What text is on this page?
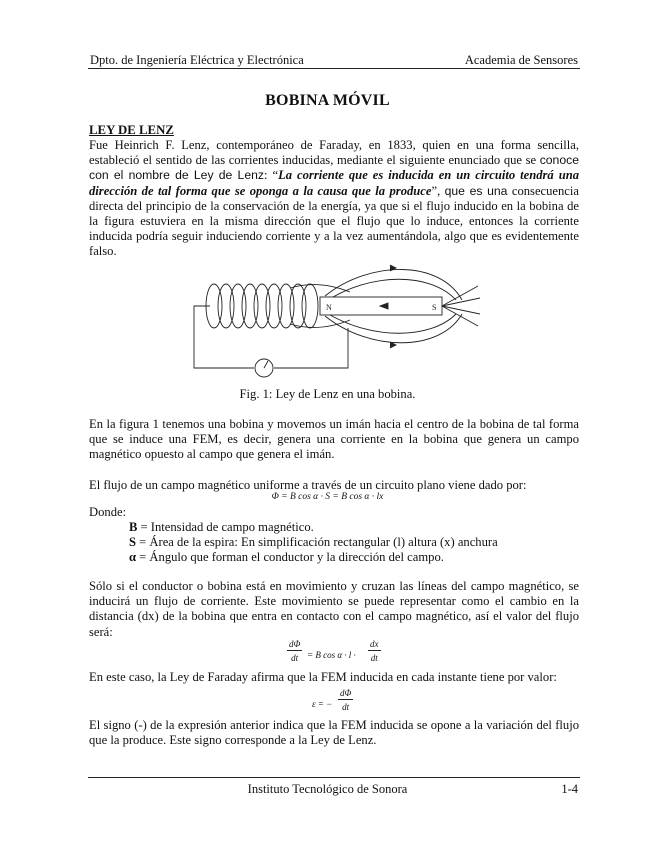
Dpto. de Ingeniería Eléctrica y Electrónica	Academia de Sensores
BOBINA MÓVIL
LEY DE LENZ
Fue Heinrich F. Lenz, contemporáneo de Faraday, en 1833, quien en una forma sencilla, estableció el sentido de las corrientes inducidas, mediante el siguiente enunciado que se conoce con el nombre de Ley de Lenz: “La corriente que es inducida en un circuito tendrá una dirección de tal forma que se oponga a la causa que la produce”, que es una consecuencia directa del principio de la conservación de la energía, ya que si el flujo inducido en la bobina de la figura estuviera en la misma dirección que el flujo que lo induce, entonces la corriente inducida podría seguir induciendo corriente y a la vez aumentándola, algo que es evidentemente falso.
N	S
Fig. 1: Ley de Lenz en una bobina.
En la figura 1 tenemos una bobina y movemos un imán hacia el centro de la bobina de tal forma que se induce una FEM, es decir, genera una corriente en la bobina que genera un campo magnético opuesto al campo que genera el imán.
El flujo de un campo magnético uniforme a través de un circuito plano viene dado por:
Φ = B cos α · S = B cos α · lx
Donde:
B = Intensidad de campo magnético.
S = Área de la espira: En simplificación rectangular (l) altura (x) anchura
α = Ángulo que forman el conductor y la dirección del campo.
Sólo si el conductor o bobina está en movimiento y cruzan las líneas del campo magnético, se inducirá un flujo de corriente. Este movimiento se puede representar como el cambio en la distancia (dx) de la bobina que entra en contacto con el campo magnético, así el valor del flujo será:
$\frac{d\Phi}{dt} = B$ $\cos \alpha \cdot l \cdot \frac{dx}{dt}$
En este caso, la Ley de Faraday afirma que la FEM inducida en cada instante tiene por valor:
ε = − $\frac{d\Phi}{dt}$
El signo (-) de la expresión anterior indica que la FEM inducida se opone a la variación del flujo que la produce. Este signo corresponde a la Ley de Lenz.
Instituto Tecnológico de Sonora	1-4
